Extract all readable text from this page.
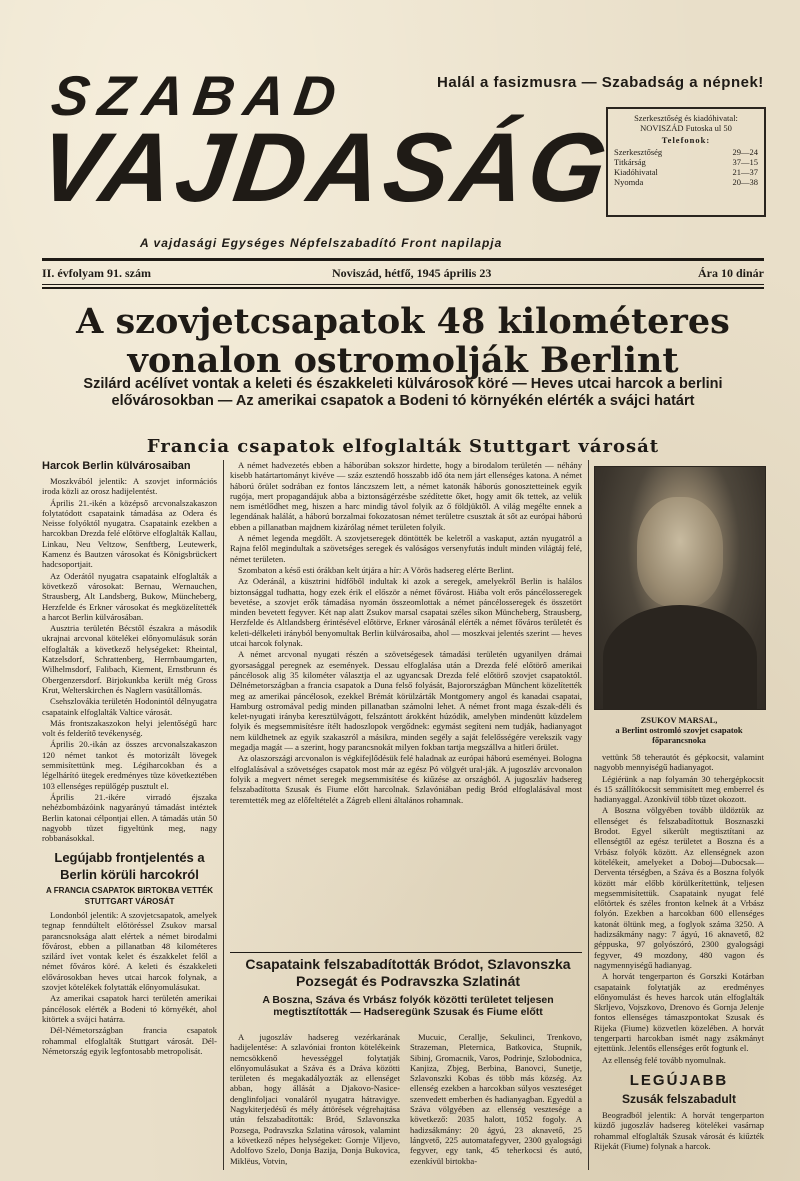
SZABAD
VAJDASÁG
Halál a fasizmusra — Szabadság a népnek!
Szerkesztőség és kiadóhivatal:
NOVISZÁD Futoska ul 50
Telefonok:
Szerkesztőség	29—24
Titkárság	37—15
Kiadóhivatal	21—37
Nyomda	20—38
A vajdasági Egységes Népfelszabadító Front napilapja
II. évfolyam 91. szám	Noviszád, hétfő, 1945 április 23	Ára 10 dinár
A szovjetcsapatok 48 kilométeres
vonalon ostromolják Berlint
Szilárd acélívet vontak a keleti és északkeleti külvárosok köré — Heves utcai harcok a berlini elővárosokban — Az amerikai csapatok a Bodeni tó környékén elérték a svájci határt
Francia csapatok elfoglalták Stuttgart városát
Harcok Berlin külvárosaiban

Moszkvából jelentik: A szovjet információs iroda közli az orosz hadijelentést.

Április 21.-ikén a középső arcvonalszakaszon folytatódott csapataink támadása az Odera és Neisse folyóktól nyugatra. Csapataink ezekben a harcokban Drezda felé előtörve elfoglalták Kallau, Linkau, Neu Veltzow, Senftberg, Leutewerk, Kamenz és Bautzen városokat és Königsbrückert hadcsoportjait.

Az Oderától nyugatra csapataink elfoglalták a következő városokat: Bernau, Wernauchen, Strausberg, Alt Landsberg, Bukow, Müncheberg, Herzfelde és Erkner városokat és megközelítették a harcot Berlin külvárosában.

Ausztria területén Bécstől északra a második ukrajnai arcvonal kötelékei előnyomulásuk során elfoglalták a következő helységeket: Rheintal, Katzelsdorf, Schrattenberg, Herrnbaumgarten, Wilhelmsdorf, Falibach, Kiement, Ernstbrunn és Obergenzersdorf. Birjokunkba került még Gross Krut, Welterskirchen és Naglern vasútállomás.

Csehszlovákia területén Hodonintól délnyugatra csapataink elfoglalták Valtice városát.

Más frontszakaszokon helyi jelentőségű harc volt és felderítő tevékenység.

Április 20.-ikán az összes arcvonalszakaszon 120 német tankot és motorizált lövegek semmisítettünk meg. Légiharcokban és a légelhárító ütegek eredményes tüze következtében 103 ellenséges repülőgép pusztult el.

Április 21.-ikére virradó éjszaka nehézbombázóink nagyarányú támadást intéztek Berlin katonai célpontjai ellen. A támadás után 50 nagyobb tüzet figyeltünk meg, nagy robbanásokkal.

Legújabb frontjelentés a Berlin körüli harcokról
A FRANCIA CSAPATOK BIRTOKBA VETTÉK STUTTGART VÁROSÁT

Londonból jelentik: A szovjetcsapatok, amelyek tegnap fenndúltelt előtöréssel Zsukov marsal parancsnoksága alatt elértek a német birodalmi fővárost, ebben a pillanatban 48 kilométeres szilárd ívet vontak kelet és északkelet felől a német főváros köré. A keleti és északkeleti elővárosokban heves utcai harcok folynak, a szovjet kötelékek folytatták előnyomulásukat.

Az amerikai csapatok harci területén amerikai páncélosok elérték a Bodeni tó környékét, ahol kitörtek a svájci határra.

Dél-Németországban francia csapatok rohammal elfoglalták Stuttgart városát. Dél-Németország egyik legfontosabb metropolisát.

A német hadvezetés ebben a háborúban sokszor hirdette, hogy a birodalom területén — néhány kisebb határtartományt kivéve — száz esztendő hosszabb idő óta nem járt ellenséges katona. A német háború őrület sodrában ez fontos lánczszem lett, a német katonák háborús gonosztetteinek egyik rugója, mert propagandájuk abba a biztonságérzésbe szédítette őket, hogy amit ők tettek, az velük nem ismétlődhet meg, hiszen a harc mindig távol folyik az ő földjüktől. A világ megélte ennek a legendának halálát, a háború borzalmai fokozatosan német területre csusztak át sőt az európai háború ebben a pillanatban majdnem kizárólag német területen folyik.

A német legenda megdőlt. A szovjetseregek döntötték be keletről a vaskaput, aztán nyugatról a Rajna felől megindultak a szövetséges seregek és valóságos versenyfutás indult minden világtáj felé, német területen.

Szombaton a késő esti órákban kelt útjára a hír: A Vörös hadsereg elérte Berlint.

Az Oderánál, a küsztrini hídfőből indultak ki azok a seregek, amelyekről Berlin is halálos biztonsággal tudhatta, hogy ezek érik el először a német fővárost. Hiába volt erős páncélosseregek bevetése, a szovjet erők támadása nyomán összeomlottak a német páncélosseregek és összetört minden bevetett fegyver. Két nap alatt Zsukov marsal csapatai széles síkon Müncheberg, Strausberg, Herzfelde és Altlandsberg érintésével előtörve, Erkner városánál elérték a német főváros területét és keleti-délkeleti irányból benyomultak Berlin külvárosaiba, ahol — moszkvai jelentés szerint — heves utcai harcok folynak.

A német arcvonal nyugati részén a szövetségesek támadási területén ugyanilyen drámai gyorsasággal peregnek az események. Dessau elfoglalása után a Drezda felé előtörő amerikai páncélosok alig 35 kilométer választja el az ugyancsak Drezda felé előtörő szovjet csapatoktól. Délnémetországban a francia csapatok a Duna felső folyását, Bajorországban Münchent közelítették meg az amerikai páncélosok, ezekkel Brémát körülzárták Montgomery angol és kanadai csapatai, Hamburg ostromával pedig minden pillanatban számolni lehet. A német front maga észak-déli és kelet-nyugati irányba keresztülvágott, felszántott árokként húzódik, amelyben mindenütt küzdelem folyik és megsemmisítésre ítélt hadoszlopok vergődnek: egymást segíteni nem tudják, hadianyagot nem küldhetnek az egyik szakaszról a másikra, minden segély a saját felelősségére verekszik vagy megadja magát — a szerint, hogy parancsnokát milyen fokban tartja megszállva a hitleri őrület.

Az olaszországi arcvonalon is végkifejlődésük felé haladnak az európai háború eseményei. Bologna elfoglalásával a szövetséges csapatok most már az egész Pó völgyét ural-ják. A jugoszláv arcvonalon folyik a megvert német seregek megsemmisítése és kiűzése az országból. A jugoszláv hadsereg felszabadította Szusak és Fiume előtt harcolnak. Szlavóniában pedig Bród elfoglalásával most teremtették meg az előfeltételét a Zágreb elleni általános rohamnak.

Csapataink felszabadították Bródot, Szlavonszka Pozsegát és Podravszka Szlatinát
A Boszna, Száva és Vrbász folyók közötti területet teljesen megtisztították — Hadseregünk Szusak és Fiume előtt

A jugoszláv hadsereg vezérkarának hadijelentése: A szlavóniai fronton kötelékeink nemcsökkenő hevességgel folytatják előnyomulásukat a Száva és a Dráva közötti területen és megakadályozták az ellenséget abban, hogy állását a Djakovo-Nasice-denglinfoljaci vonaláról nyugatra hátravigye. Nagykiterjedésű és mély áttörések végrehajtása után felszabadították: Bród, Szlavonszka Pozsega, Podravszka Szlatina városok, valamint a következő népes helységeket: Gornje Viljevo, Adolfovo Szelo, Donja Bazija, Donja Bukovica, Miklëus, Votvin,

Mucuic, Cerallje, Sekulinci, Trenkovo, Strazeman, Pleternica, Batkovica, Stupnik, Sibinj, Gromacnik, Varos, Podrinje, Szlobodnica, Kanjiza, Zbjeg, Berbina, Banovci, Sunetje, Szlavonszki Kobas és több más község. Az ellenség ezekben a harcokban súlyos veszteséget szenvedett emberben és hadianyagban. Egyedül a Száva völgyében az ellenség vesztesége a következő: 2035 halott, 1052 fogoly. A hadizsákmány: 20 ágyú, 23 aknavető, 25 lángvető, 225 automatafegyver, 2300 gyalogsági fegyver, egy tank, 45 teherkocsi és autó, ezenkívül birtokba-

ZSUKOV MARSAL,
a Berlint ostromló szovjet csapatok főparancsnoka

vettünk 58 teherautót és gépkocsit, valamint nagyobb mennyiségű hadianyagot.

Légiérünk a nap folyamán 30 tehergépkocsit és 15 szállítókocsit semmisített meg emberrel és hadianyaggal. Azonkívül több tüzet okozott.

A Boszna völgyében tovább üldöztük az ellenséget és felszabadítottuk Bosznaszki Brodot. Egyel sikerült megtisztítani az ellenségtől az egész területet a Boszna és a Vrbász folyók között. Az ellenségnek azon kötelékeit, amelyeket a Doboj—Dubocsak—Derventa térségben, a Száva és a Boszna folyók között már előbb körülkerítettünk, teljesen megsemmisítettük. Csapataink nyugat felé előtörtek és széles fronton kelnek át a Vrbász folyón. Ezekben a harcokban 600 ellenséges katonát öltünk meg, a foglyok száma 3250. A hadizsákmány nagy: 7 ágyú, 16 aknavető, 82 géppuska, 97 golyószóró, 2300 gyalogsági fegyver, 49 mozdony, 480 vagon és nagymennyiségű hadianyag.

A horvát tengerparton és Gorszki Kotárban csapataink folytatják az eredményes előnyomulást és heves harcok után elfoglalták Skrljevo, Vojszkovo, Drenovo és Gornja Jelenje fontos ellenséges támaszpontokat Szusak és Rijeka (Fiume) közvetlen közelében. A horvát tengerparti harcokban ismét nagy zsákmányt ejtettünk. Jelentős ellenséges erőt fogtunk el.

Az ellenség felé tovább nyomulnak.

LEGÚJABB
Szusák felszabadult

Beogradból jelentik: A horvát tengerparton küzdő jugoszláv hadsereg kötelékei vasárnap rohammal elfoglalták Szusak városát és kiűzték Rijekát (Fiume) folynak a harcok.
